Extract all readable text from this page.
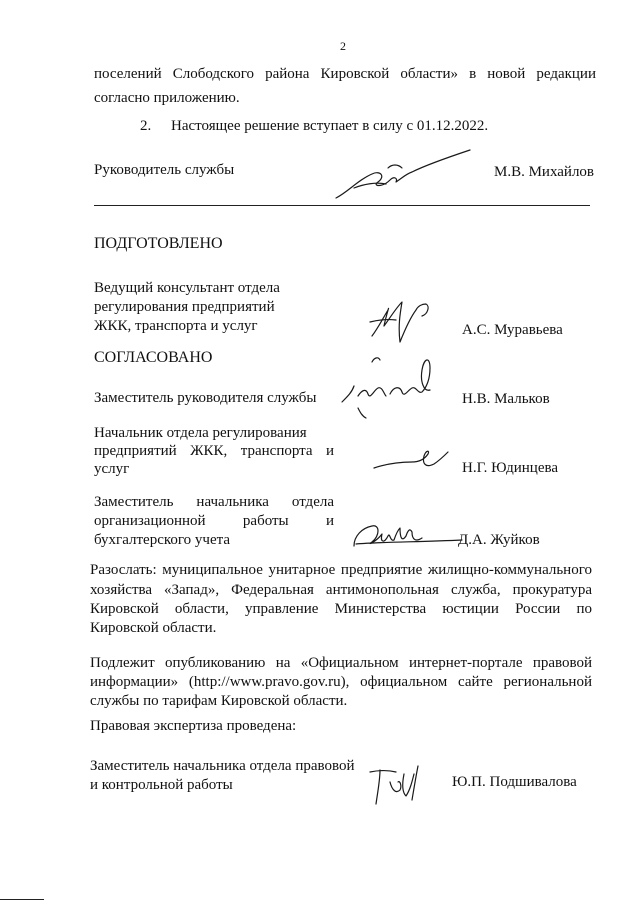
2
поселений Слободского района Кировской области» в новой редакции
согласно приложению.
2. Настоящее решение вступает в силу с 01.12.2022.
Руководитель службы	М.В. Михайлов
ПОДГОТОВЛЕНО
Ведущий консультант отдела
регулирования предприятий
ЖКК, транспорта и услуг	А.С. Муравьева
СОГЛАСОВАНО
Заместитель руководителя службы	Н.В. Мальков
Начальник отдела регулирования
предприятий ЖКК, транспорта и
услуг	Н.Г. Юдинцева
Заместитель начальника отдела
организационной работы и
бухгалтерского учета	Д.А. Жуйков
Разослать: муниципальное унитарное предприятие жилищно-коммунального
хозяйства «Запад», Федеральная антимонопольная служба, прокуратура
Кировской области, управление Министерства юстиции России по
Кировской области.
Подлежит опубликованию на «Официальном интернет-портале правовой
информации» (http://www.pravo.gov.ru), официальном сайте региональной
службы по тарифам Кировской области.
Правовая экспертиза проведена:
Заместитель начальника отдела правовой
и контрольной работы	Ю.П. Подшивалова
